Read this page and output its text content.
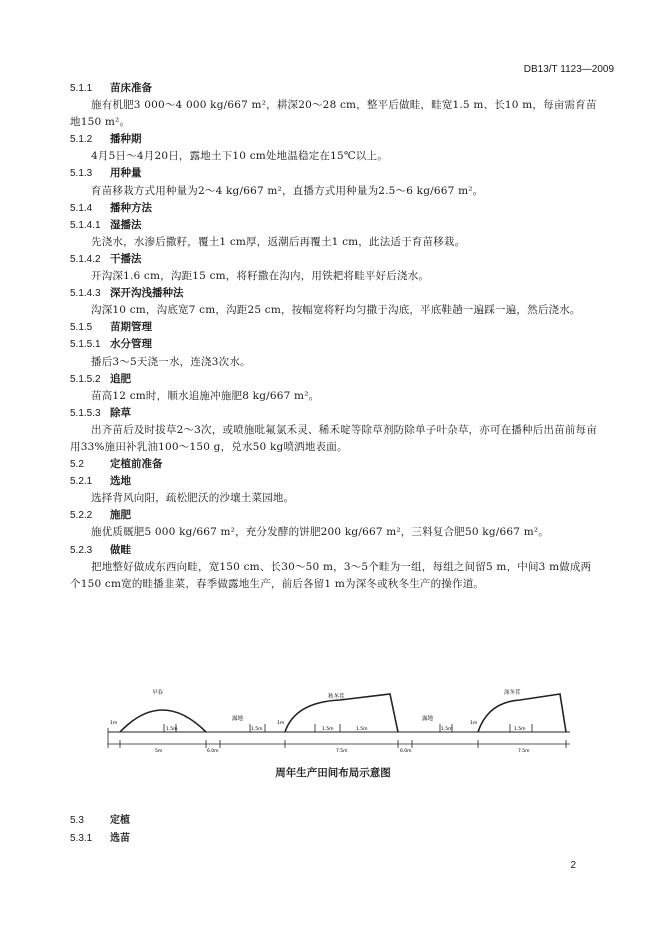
DB13/T 1123—2009
5.1.1	苗床准备
施有机肥3 000～4 000 kg/667 m²，耕深20～28 cm，整平后做畦，畦宽1.5 m、长10 m，每亩需育苗地150 m²。
5.1.2	播种期
4月5日～4月20日，露地土下10 cm处地温稳定在15℃以上。
5.1.3	用种量
育苗移栽方式用种量为2～4 kg/667 m²，直播方式用种量为2.5～6 kg/667 m²。
5.1.4	播种方法
5.1.4.1 湿播法
先浇水，水渗后撒籽，覆土1 cm厚，返潮后再覆土1 cm，此法适于育苗移栽。
5.1.4.2 干播法
开沟深1.6 cm，沟距15 cm，将籽撒在沟内，用铁耙将畦平好后浇水。
5.1.4.3 深开沟浅播种法
沟深10 cm，沟底宽7 cm，沟距25 cm，按幅宽将籽均匀撒于沟底，平底鞋趟一遍踩一遍，然后浇水。
5.1.5	苗期管理
5.1.5.1 水分管理
播后3～5天浇一水，连浇3次水。
5.1.5.2 追肥
苗高12 cm时，顺水追施冲施肥8 kg/667 m²。
5.1.5.3 除草
出齐苗后及时拔草2～3次，或喷施吡氟氯禾灵、稀禾啶等除草剂防除单子叶杂草，亦可在播种后出苗前每亩用33%施田补乳油100～150 g，兑水50 kg喷洒地表面。
5.2	定植前准备
5.2.1	选地
选择背风向阳，疏松肥沃的沙壤土菜园地。
5.2.2	施肥
施优质厩肥5 000 kg/667 m²，充分发酵的饼肥200 kg/667 m²，三料复合肥50 kg/667 m²。
5.2.3	做畦
把地整好做成东西向畦，宽150 cm、长30～50 m，3～5个畦为一组，每组之间留5 m，中间3 m做成两个150 cm宽的畦播韭菜，春季做露地生产，前后各留1 m为深冬或秋冬生产的操作道。
早春
秋冬茬
深冬茬
露地	露地
1m	1m	1m
1.5m	1.5m	1.5m	1.5m	1.5m
1.5m
5m	6.0m	7.5m	6.0m	7.5m
周年生产田间布局示意图
5.3	定植
5.3.1	选苗
2
